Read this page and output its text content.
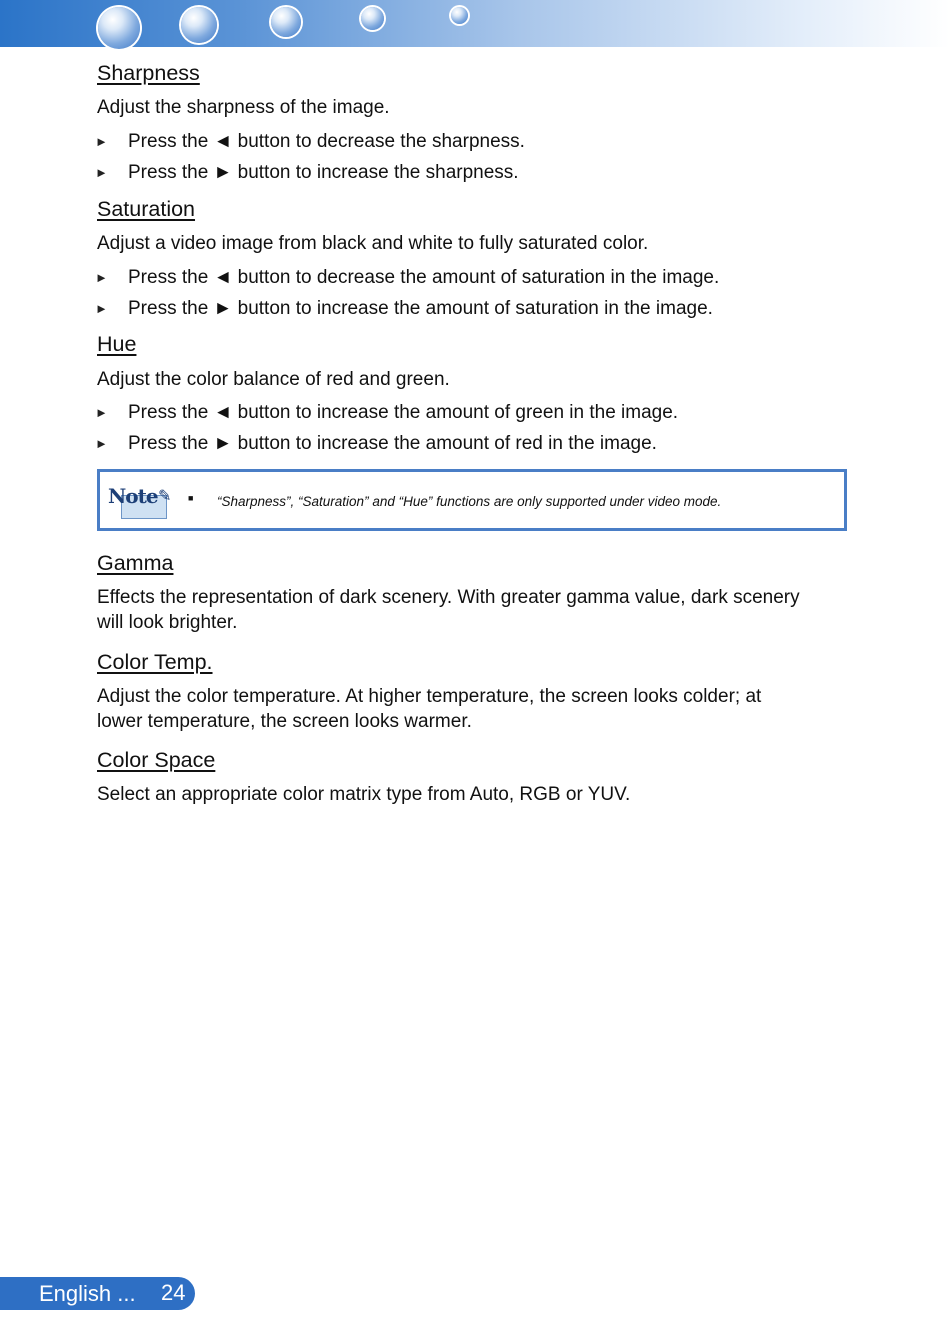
Sharpness

Adjust the sharpness of the image.

► Press the ◄ button to decrease the sharpness.
► Press the ► button to increase the sharpness.
Saturation

Adjust a video image from black and white to fully saturated color.

► Press the ◄ button to decrease the amount of saturation in the image.
► Press the ► button to increase the amount of saturation in the image.
Hue

Adjust the color balance of red and green.

► Press the ◄ button to increase the amount of green in the image.
► Press the ► button to increase the amount of red in the image.
Note ✎ ■ “Sharpness”, “Saturation” and “Hue” functions are only supported under video mode.
Gamma

Effects the representation of dark scenery. With greater gamma value, dark scenery

will look brighter.

Color Temp.

Adjust the color temperature. At higher temperature, the screen looks colder; at

lower temperature, the screen looks warmer.

Color Space

Select an appropriate color matrix type from Auto, RGB or YUV.

English ... 24
